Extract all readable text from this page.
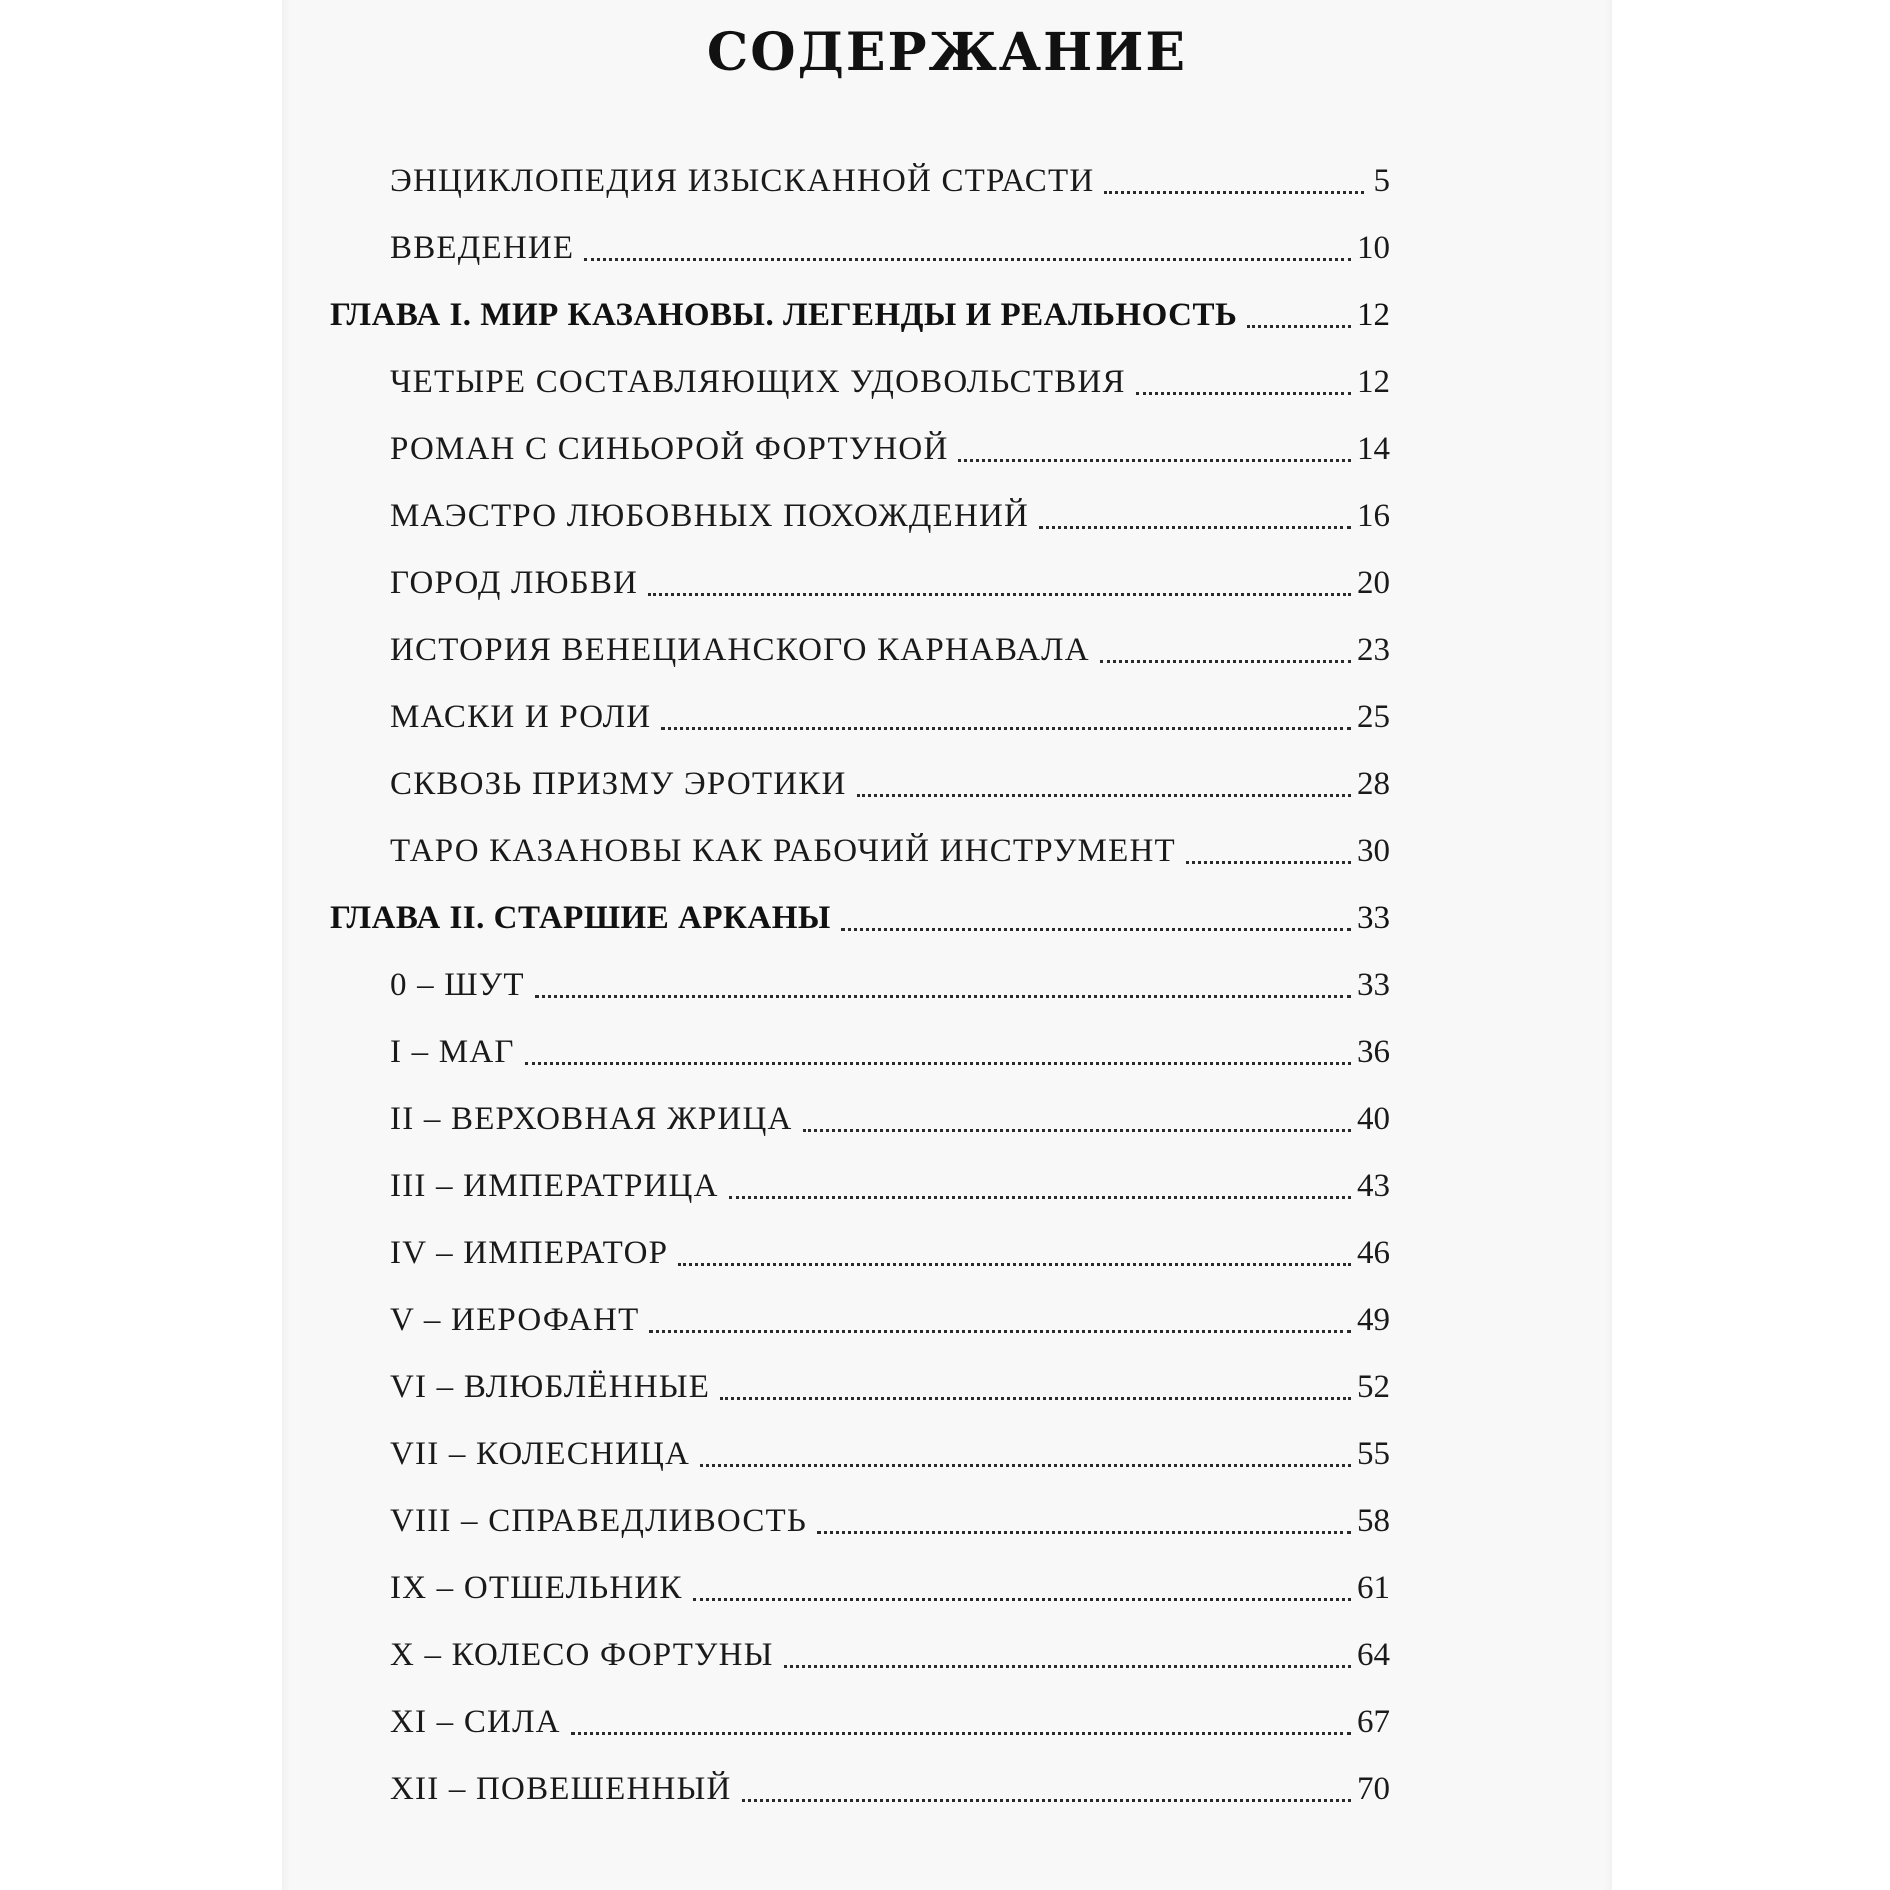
СОДЕРЖАНИЕ
ЭНЦИКЛОПЕДИЯ ИЗЫСКАННОЙ СТРАСТИ	5
ВВЕДЕНИЕ	10
ГЛАВА I. МИР КАЗАНОВЫ. ЛЕГЕНДЫ И РЕАЛЬНОСТЬ	12
ЧЕТЫРЕ СОСТАВЛЯЮЩИХ УДОВОЛЬСТВИЯ	12
РОМАН С СИНЬОРОЙ ФОРТУНОЙ	14
МАЭСТРО ЛЮБОВНЫХ ПОХОЖДЕНИЙ	16
ГОРОД ЛЮБВИ	20
ИСТОРИЯ ВЕНЕЦИАНСКОГО КАРНАВАЛА	23
МАСКИ И РОЛИ	25
СКВОЗЬ ПРИЗМУ ЭРОТИКИ	28
ТАРО КАЗАНОВЫ КАК РАБОЧИЙ ИНСТРУМЕНТ	30
ГЛАВА II. СТАРШИЕ АРКАНЫ	33
0 – ШУТ	33
I – МАГ	36
II – ВЕРХОВНАЯ ЖРИЦА	40
III – ИМПЕРАТРИЦА	43
IV – ИМПЕРАТОР	46
V – ИЕРОФАНТ	49
VI – ВЛЮБЛЁННЫЕ	52
VII – КОЛЕСНИЦА	55
VIII – СПРАВЕДЛИВОСТЬ	58
IX – ОТШЕЛЬНИК	61
X – КОЛЕСО ФОРТУНЫ	64
XI – СИЛА	67
XII – ПОВЕШЕННЫЙ	70
